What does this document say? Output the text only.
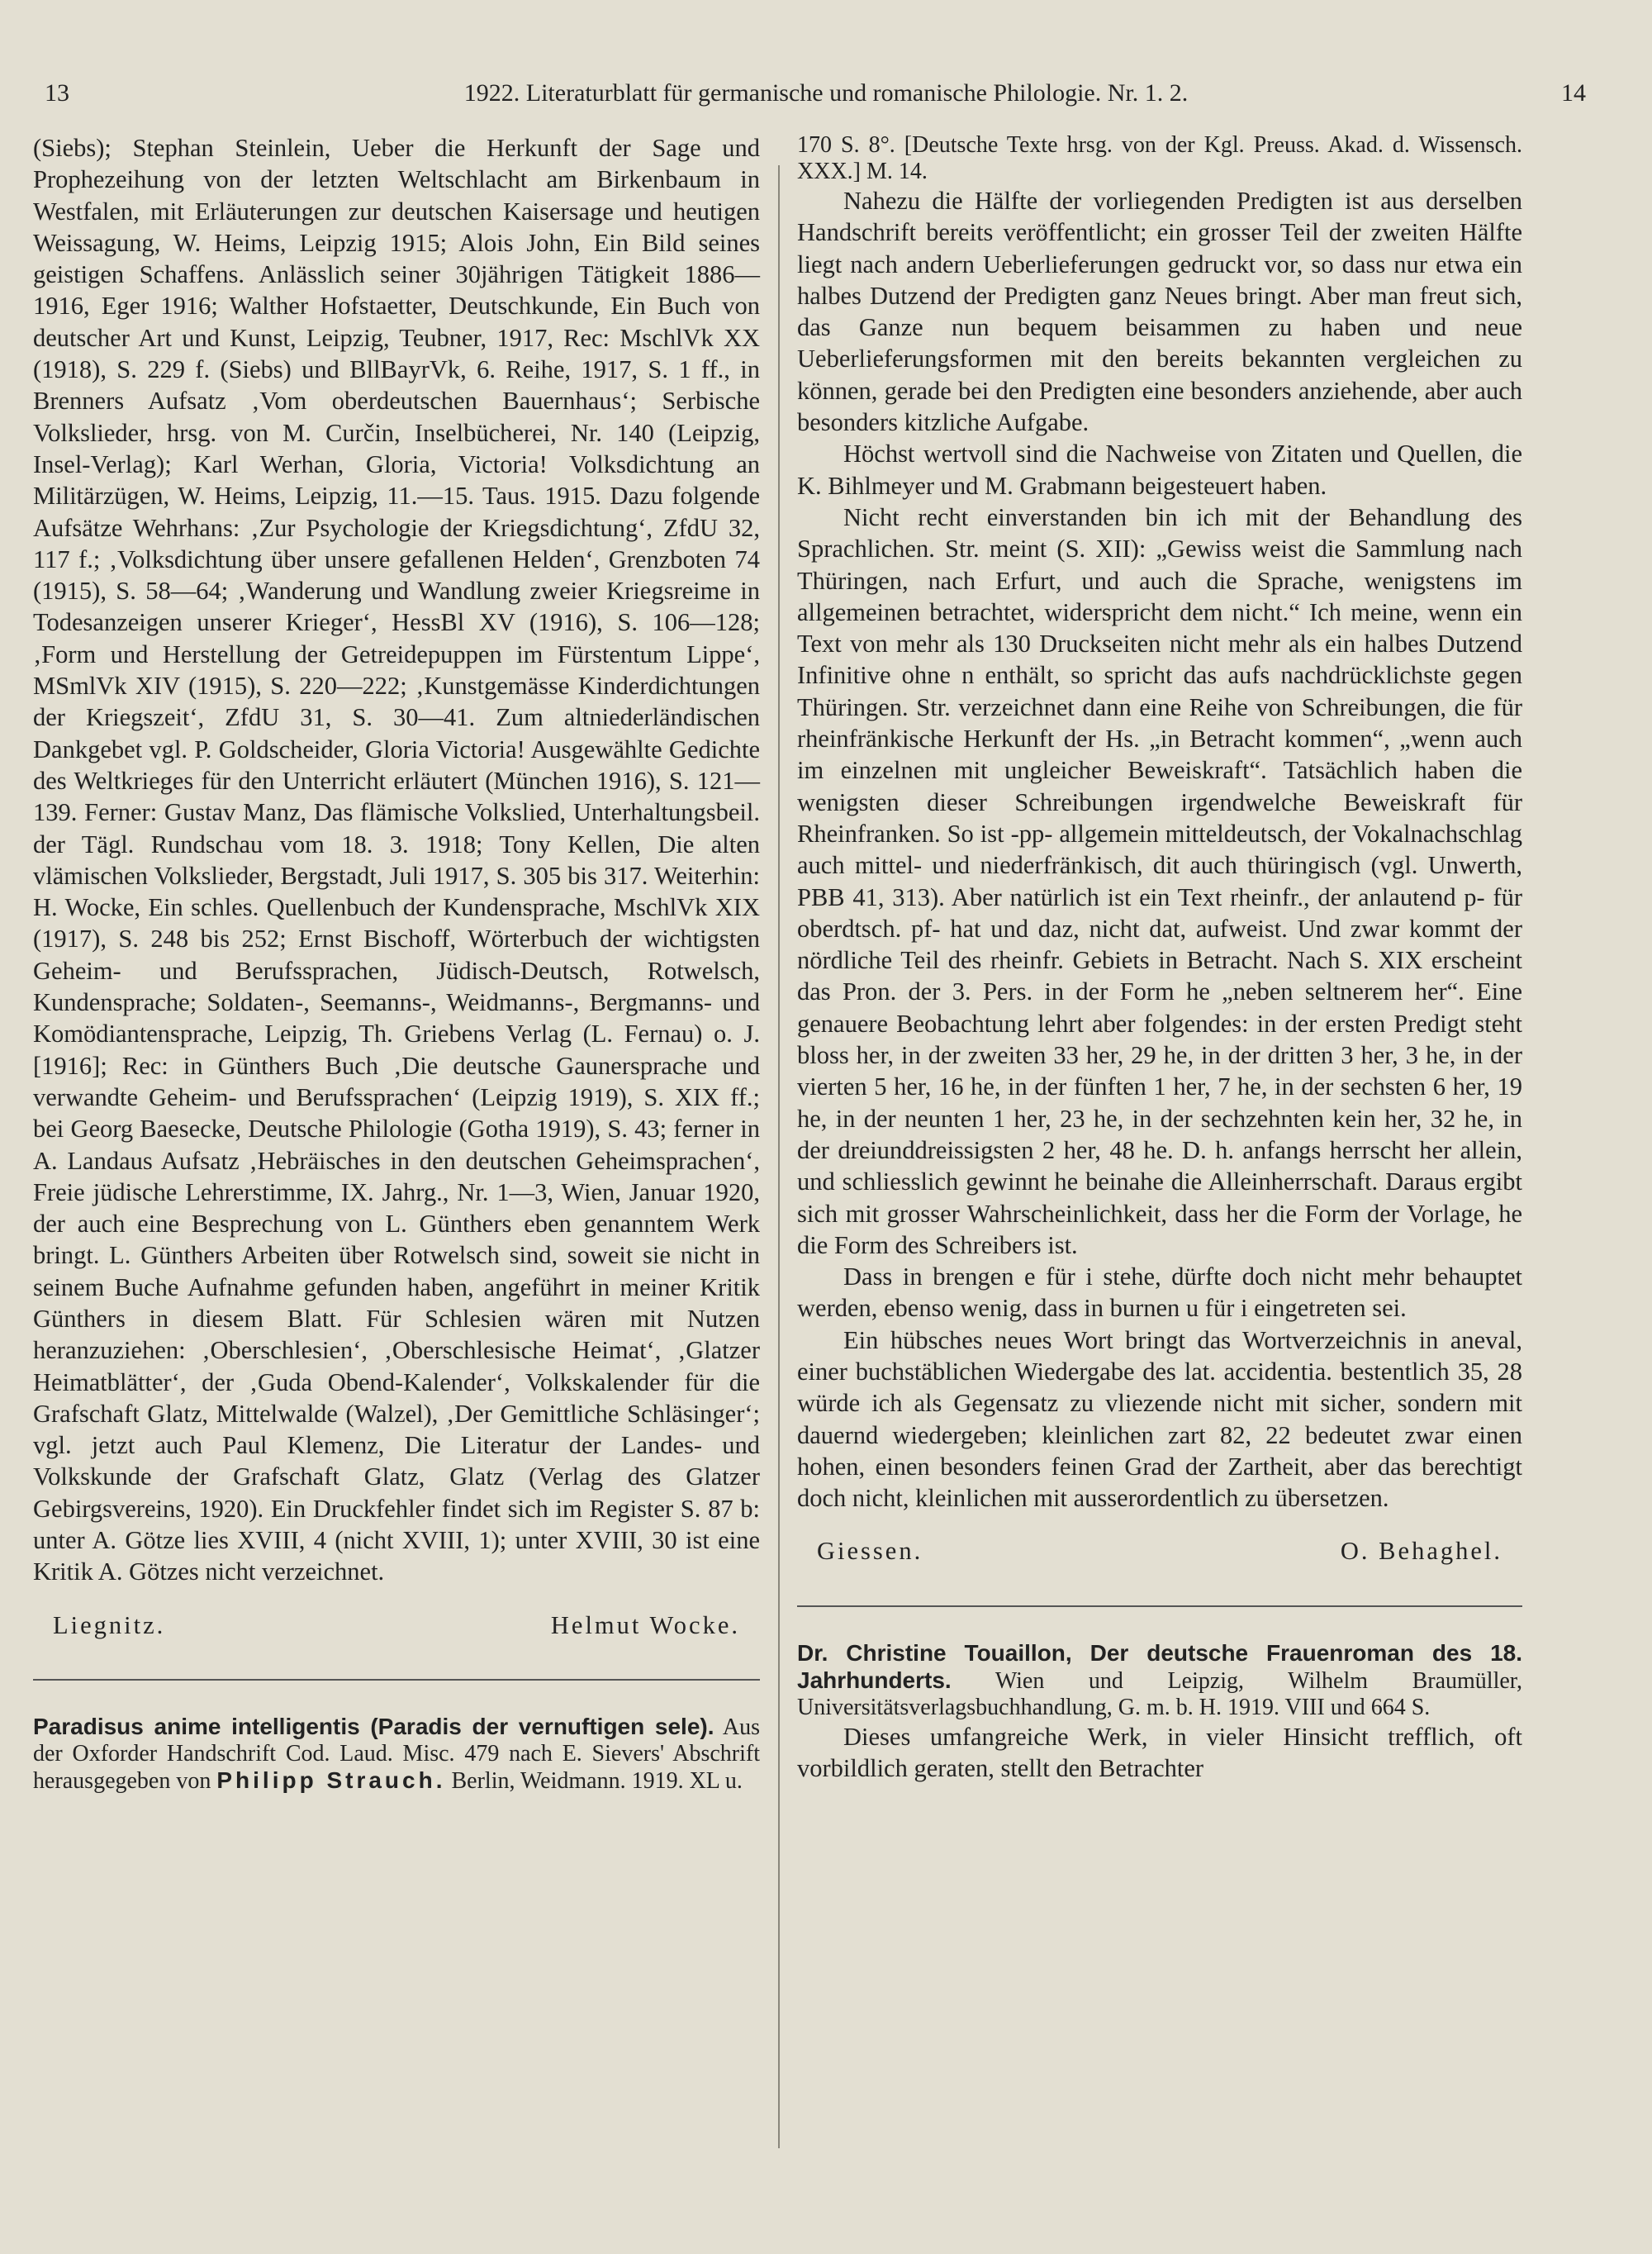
13	1922. Literaturblatt für germanische und romanische Philologie. Nr. 1. 2.	14

(Siebs); Stephan Steinlein, Ueber die Herkunft der Sage und Prophezeihung von der letzten Weltschlacht am Birkenbaum in Westfalen, mit Erläuterungen zur deutschen Kaisersage und heutigen Weissagung, W. Heims, Leipzig 1915; Alois John, Ein Bild seines geistigen Schaffens. Anlässlich seiner 30jährigen Tätigkeit 1886—1916, Eger 1916; Walther Hofstaetter, Deutschkunde, Ein Buch von deutscher Art und Kunst, Leipzig, Teubner, 1917, Rec: MschlVk XX (1918), S. 229 f. (Siebs) und BllBayrVk, 6. Reihe, 1917, S. 1 ff., in Brenners Aufsatz ‚Vom oberdeutschen Bauernhaus‘; Serbische Volkslieder, hrsg. von M. Curčin, Inselbücherei, Nr. 140 (Leipzig, Insel-Verlag); Karl Werhan, Gloria, Victoria! Volksdichtung an Militärzügen, W. Heims, Leipzig, 11.—15. Taus. 1915. Dazu folgende Aufsätze Wehrhans: ‚Zur Psychologie der Kriegsdichtung‘, ZfdU 32, 117 f.; ‚Volksdichtung über unsere gefallenen Helden‘, Grenzboten 74 (1915), S. 58—64; ‚Wanderung und Wandlung zweier Kriegsreime in Todesanzeigen unserer Krieger‘, HessBl XV (1916), S. 106—128; ‚Form und Herstellung der Getreidepuppen im Fürstentum Lippe‘, MSmlVk XIV (1915), S. 220—222; ‚Kunstgemässe Kinderdichtungen der Kriegszeit‘, ZfdU 31, S. 30—41. Zum altniederländischen Dankgebet vgl. P. Goldscheider, Gloria Victoria! Ausgewählte Gedichte des Weltkrieges für den Unterricht erläutert (München 1916), S. 121—139. Ferner: Gustav Manz, Das flämische Volkslied, Unterhaltungsbeil. der Tägl. Rundschau vom 18. 3. 1918; Tony Kellen, Die alten vlämischen Volkslieder, Bergstadt, Juli 1917, S. 305 bis 317. Weiterhin: H. Wocke, Ein schles. Quellenbuch der Kundensprache, MschlVk XIX (1917), S. 248 bis 252; Ernst Bischoff, Wörterbuch der wichtigsten Geheim- und Berufssprachen, Jüdisch-Deutsch, Rotwelsch, Kundensprache; Soldaten-, Seemanns-, Weidmanns-, Bergmanns- und Komödiantensprache, Leipzig, Th. Griebens Verlag (L. Fernau) o. J. [1916]; Rec: in Günthers Buch ‚Die deutsche Gaunersprache und verwandte Geheim- und Berufssprachen‘ (Leipzig 1919), S. XIX ff.; bei Georg Baesecke, Deutsche Philologie (Gotha 1919), S. 43; ferner in A. Landaus Aufsatz ‚Hebräisches in den deutschen Geheimsprachen‘, Freie jüdische Lehrerstimme, IX. Jahrg., Nr. 1—3, Wien, Januar 1920, der auch eine Besprechung von L. Günthers eben genanntem Werk bringt. L. Günthers Arbeiten über Rotwelsch sind, soweit sie nicht in seinem Buche Aufnahme gefunden haben, angeführt in meiner Kritik Günthers in diesem Blatt. Für Schlesien wären mit Nutzen heranzuziehen: ‚Oberschlesien‘, ‚Oberschlesische Heimat‘, ‚Glatzer Heimatblätter‘, der ‚Guda Obend-Kalender‘, Volkskalender für die Grafschaft Glatz, Mittelwalde (Walzel), ‚Der Gemittliche Schläsinger‘; vgl. jetzt auch Paul Klemenz, Die Literatur der Landes- und Volkskunde der Grafschaft Glatz, Glatz (Verlag des Glatzer Gebirgsvereins, 1920). Ein Druckfehler findet sich im Register S. 87 b: unter A. Götze lies XVIII, 4 (nicht XVIII, 1); unter XVIII, 30 ist eine Kritik A. Götzes nicht verzeichnet.

Liegnitz.	Helmut Wocke.
Paradisus anime intelligentis (Paradis der vernuftigen sele). Aus der Oxforder Handschrift Cod. Laud. Misc. 479 nach E. Sievers' Abschrift herausgegeben von Philipp Strauch. Berlin, Weidmann. 1919. XL u.

170 S. 8°. [Deutsche Texte hrsg. von der Kgl. Preuss. Akad. d. Wissensch. XXX.] M. 14.

Nahezu die Hälfte der vorliegenden Predigten ist aus derselben Handschrift bereits veröffentlicht; ein grosser Teil der zweiten Hälfte liegt nach andern Ueberlieferungen gedruckt vor, so dass nur etwa ein halbes Dutzend der Predigten ganz Neues bringt. Aber man freut sich, das Ganze nun bequem beisammen zu haben und neue Ueberlieferungsformen mit den bereits bekannten vergleichen zu können, gerade bei den Predigten eine besonders anziehende, aber auch besonders kitzliche Aufgabe.

Höchst wertvoll sind die Nachweise von Zitaten und Quellen, die K. Bihlmeyer und M. Grabmann beigesteuert haben.

Nicht recht einverstanden bin ich mit der Behandlung des Sprachlichen. Str. meint (S. XII): „Gewiss weist die Sammlung nach Thüringen, nach Erfurt, und auch die Sprache, wenigstens im allgemeinen betrachtet, widerspricht dem nicht.“ Ich meine, wenn ein Text von mehr als 130 Druckseiten nicht mehr als ein halbes Dutzend Infinitive ohne n enthält, so spricht das aufs nachdrücklichste gegen Thüringen. Str. verzeichnet dann eine Reihe von Schreibungen, die für rheinfränkische Herkunft der Hs. „in Betracht kommen“, „wenn auch im einzelnen mit ungleicher Beweiskraft“. Tatsächlich haben die wenigsten dieser Schreibungen irgendwelche Beweiskraft für Rheinfranken. So ist -pp- allgemein mitteldeutsch, der Vokalnachschlag auch mittel- und niederfränkisch, dit auch thüringisch (vgl. Unwerth, PBB 41, 313). Aber natürlich ist ein Text rheinfr., der anlautend p- für oberdtsch. pf- hat und daz, nicht dat, aufweist. Und zwar kommt der nördliche Teil des rheinfr. Gebiets in Betracht. Nach S. XIX erscheint das Pron. der 3. Pers. in der Form he „neben seltnerem her“. Eine genauere Beobachtung lehrt aber folgendes: in der ersten Predigt steht bloss her, in der zweiten 33 her, 29 he, in der dritten 3 her, 3 he, in der vierten 5 her, 16 he, in der fünften 1 her, 7 he, in der sechsten 6 her, 19 he, in der neunten 1 her, 23 he, in der sechzehnten kein her, 32 he, in der dreiunddreissigsten 2 her, 48 he. D. h. anfangs herrscht her allein, und schliesslich gewinnt he beinahe die Alleinherrschaft. Daraus ergibt sich mit grosser Wahrscheinlichkeit, dass her die Form der Vorlage, he die Form des Schreibers ist.

Dass in brengen e für i stehe, dürfte doch nicht mehr behauptet werden, ebenso wenig, dass in burnen u für i eingetreten sei.

Ein hübsches neues Wort bringt das Wortverzeichnis in aneval, einer buchstäblichen Wiedergabe des lat. accidentia. bestentlich 35, 28 würde ich als Gegensatz zu vliezende nicht mit sicher, sondern mit dauernd wiedergeben; kleinlichen zart 82, 22 bedeutet zwar einen hohen, einen besonders feinen Grad der Zartheit, aber das berechtigt doch nicht, kleinlichen mit ausserordentlich zu übersetzen.

Giessen.	O. Behaghel.
Dr. Christine Touaillon, Der deutsche Frauenroman des 18. Jahrhunderts. Wien und Leipzig, Wilhelm Braumüller, Universitätsverlagsbuchhandlung, G. m. b. H. 1919. VIII und 664 S.

Dieses umfangreiche Werk, in vieler Hinsicht trefflich, oft vorbildlich geraten, stellt den Betrachter
